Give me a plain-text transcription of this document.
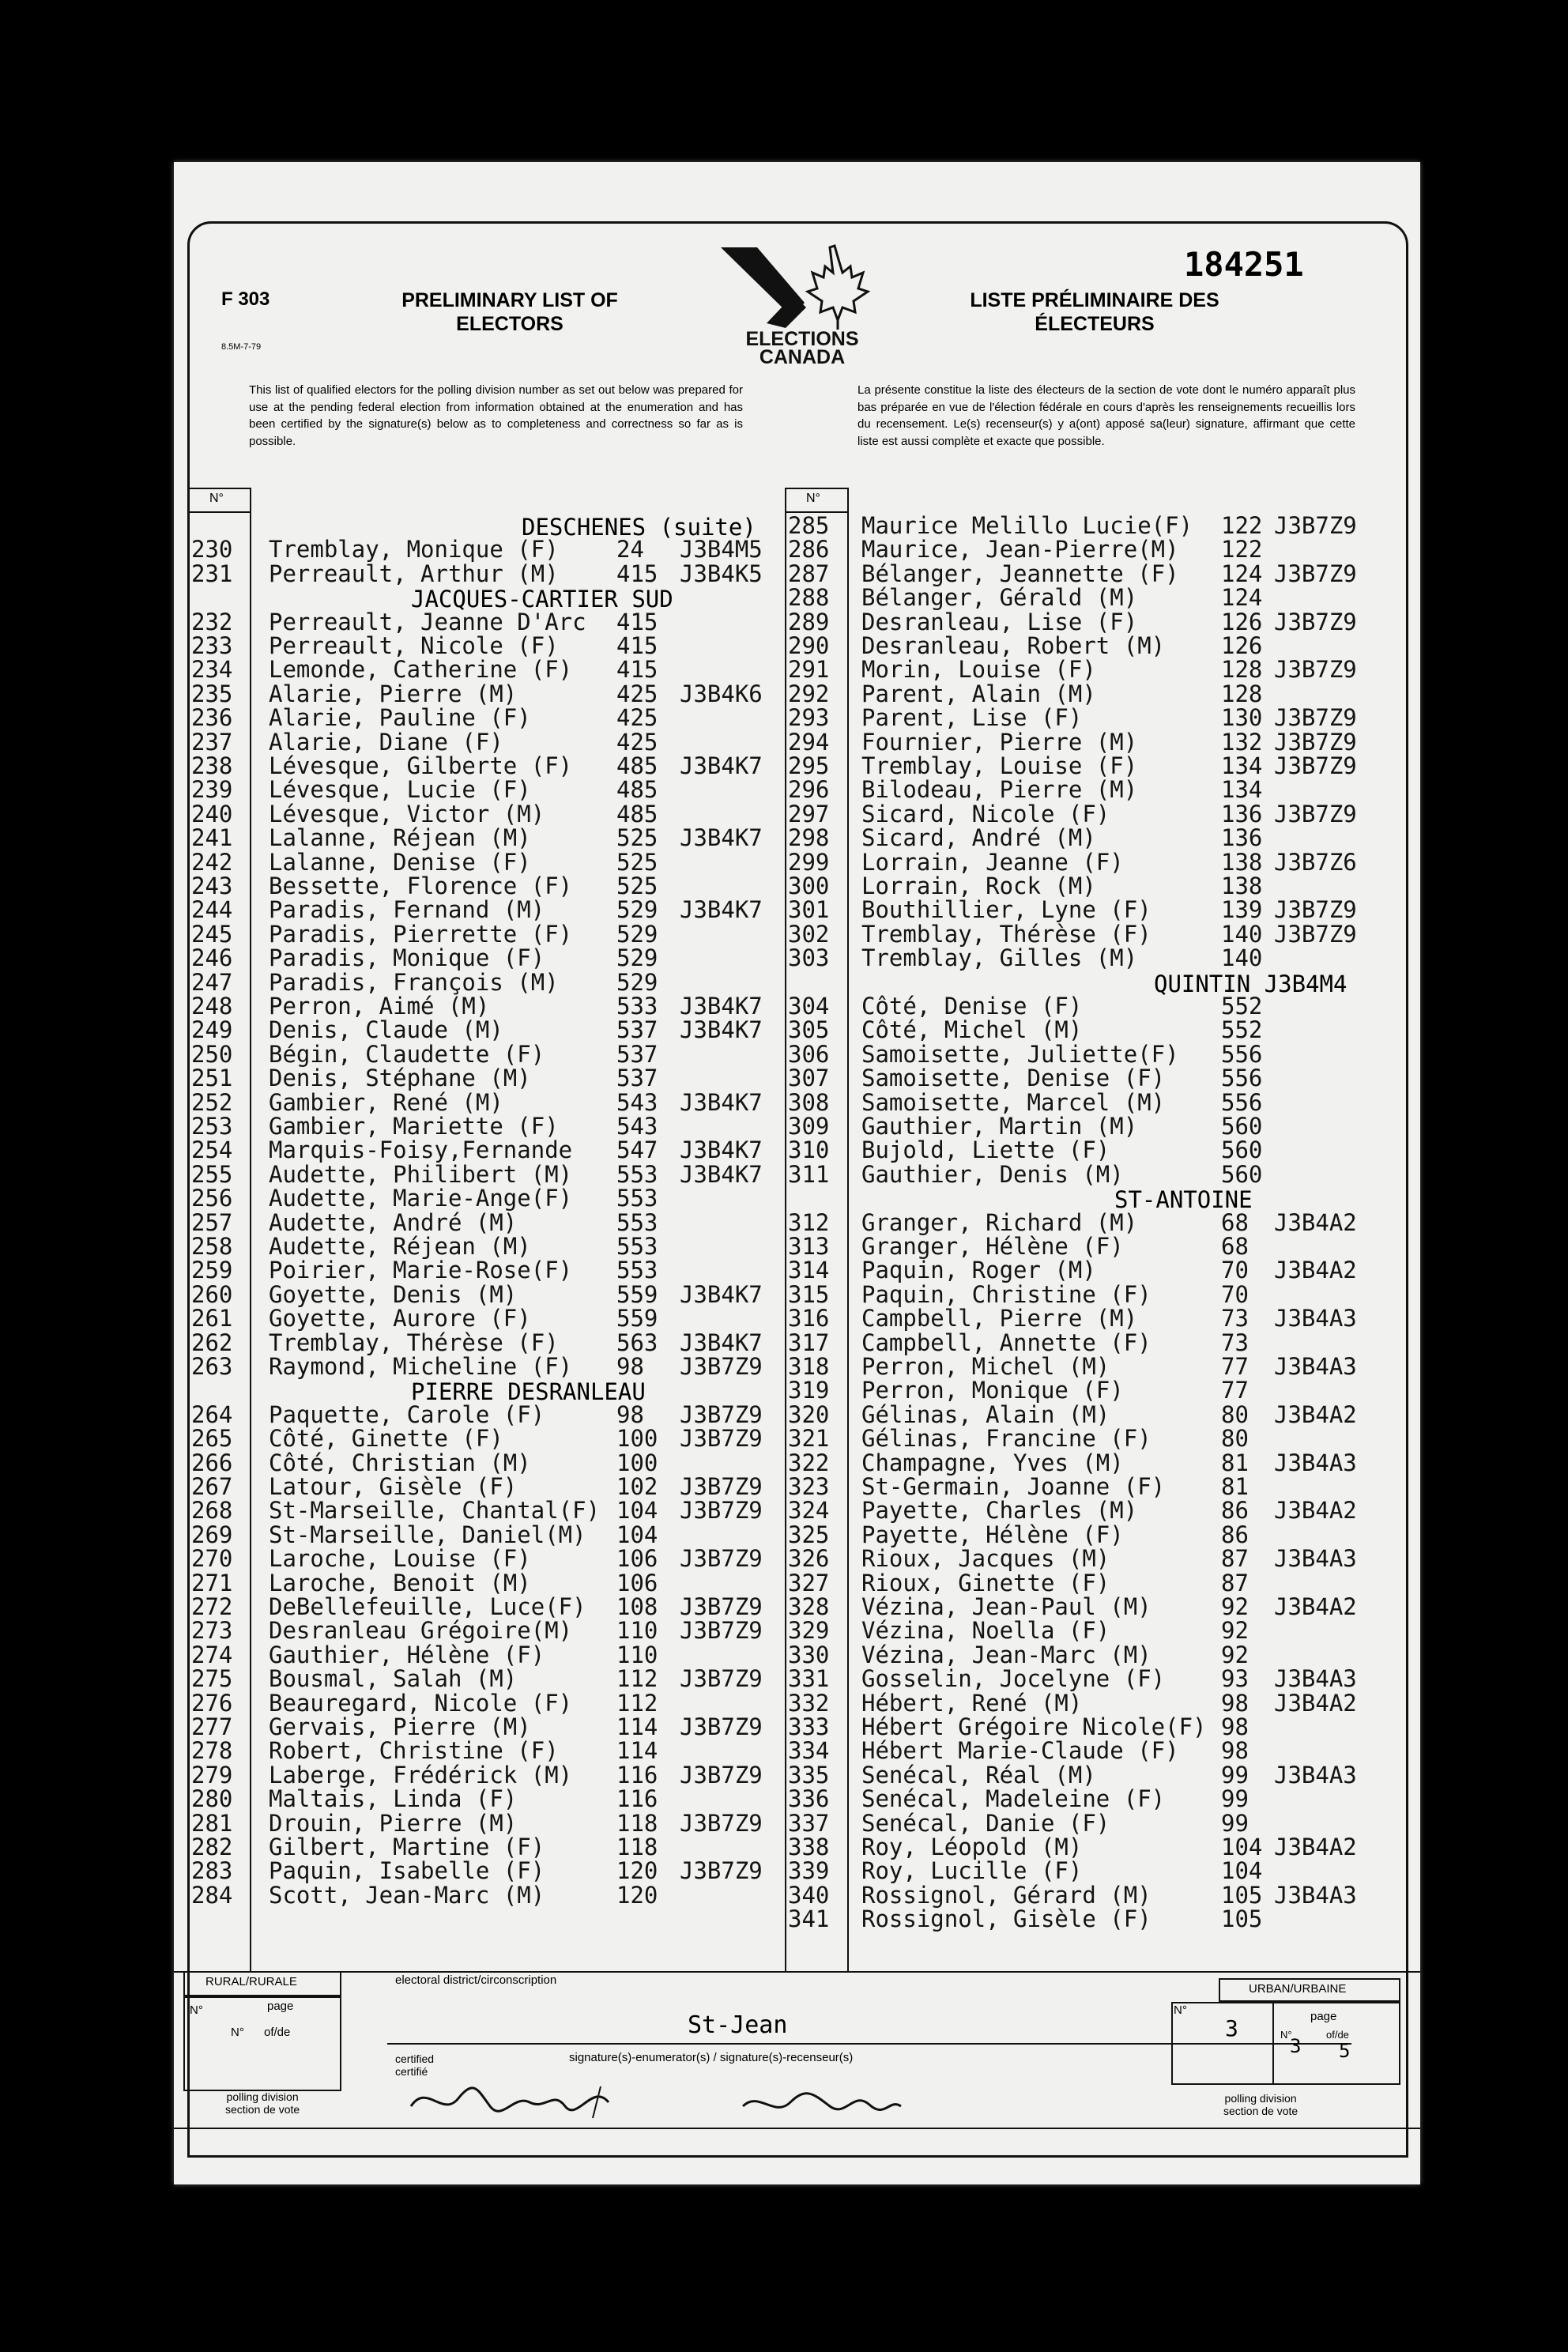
F 303
8.5M-7-79
184251
PRELIMINARY LIST OF
ELECTORS
LISTE PRÉLIMINAIRE DES
ÉLECTEURS
ELECTIONS
CANADA
This list of qualified electors for the polling division number as set out below was prepared for use at the pending federal election from information obtained at the enumeration and has been certified by the signature(s) below as to completeness and correctness so far as is possible.
La présente constitue la liste des électeurs de la section de vote dont le numéro apparaît plus bas préparée en vue de l'élection fédérale en cours d'après les renseignements recueillis lors du recensement. Le(s) recenseur(s) y a(ont) apposé sa(leur) signature, affirmant que cette liste est aussi complète et exacte que possible.
N°	N°
DESCHENES (suite)
230 Tremblay, Monique (F)	24 J3B4M5
231 Perreault, Arthur (M)	415 J3B4K5
JACQUES-CARTIER SUD
232 Perreault, Jeanne D'Arc 415
233 Perreault, Nicole (F)	415
234 Lemonde, Catherine (F) 415
235 Alarie, Pierre (M)	425 J3B4K6
236 Alarie, Pauline (F)	425
237 Alarie, Diane (F)	425
238 Lévesque, Gilberte (F) 485 J3B4K7
239 Lévesque, Lucie (F)	485
240 Lévesque, Victor (M)	485
241 Lalanne, Réjean (M)	525 J3B4K7
242 Lalanne, Denise (F)	525
243 Bessette, Florence (F) 525
244 Paradis, Fernand (M)	529 J3B4K7
245 Paradis, Pierrette (F) 529
246 Paradis, Monique (F)	529
247 Paradis, François (M)	529
248 Perron, Aimé (M)	533 J3B4K7
249 Denis, Claude (M)	537 J3B4K7
250 Bégin, Claudette (F)	537
251 Denis, Stéphane (M)	537
252 Gambier, René (M)	543 J3B4K7
253 Gambier, Mariette (F)	543
254 Marquis-Foisy,Fernande 547 J3B4K7
255 Audette, Philibert (M) 553 J3B4K7
256 Audette, Marie-Ange(F) 553
257 Audette, André (M)	553
258 Audette, Réjean (M)	553
259 Poirier, Marie-Rose(F) 553
260 Goyette, Denis (M)	559 J3B4K7
261 Goyette, Aurore (F)	559
262 Tremblay, Thérèse (F)	563 J3B4K7
263 Raymond, Micheline (F) 98 J3B7Z9
PIERRE DESRANLEAU
264 Paquette, Carole (F)	98 J3B7Z9
265 Côté, Ginette (F)	100 J3B7Z9
266 Côté, Christian (M)	100
267 Latour, Gisèle (F)	102 J3B7Z9
268 St-Marseille, Chantal(F) 104 J3B7Z9
269 St-Marseille, Daniel(M) 104
270 Laroche, Louise (F)	106 J3B7Z9
271 Laroche, Benoit (M)	106
272 DeBellefeuille, Luce(F) 108 J3B7Z9
273 Desranleau Grégoire(M) 110 J3B7Z9
274 Gauthier, Hélène (F)	110
275 Bousmal, Salah (M)	112 J3B7Z9
276 Beauregard, Nicole (F) 112
277 Gervais, Pierre (M)	114 J3B7Z9
278 Robert, Christine (F)	114
279 Laberge, Frédérick (M) 116 J3B7Z9
280 Maltais, Linda (F)	116
281 Drouin, Pierre (M)	118 J3B7Z9
282 Gilbert, Martine (F)	118
283 Paquin, Isabelle (F)	120 J3B7Z9
284 Scott, Jean-Marc (M)	120
285 Maurice Melillo Lucie(F) 122 J3B7Z9
286 Maurice, Jean-Pierre(M) 122
287 Bélanger, Jeannette (F) 124 J3B7Z9
288 Bélanger, Gérald (M)	124
289 Desranleau, Lise (F)	126 J3B7Z9
290 Desranleau, Robert (M) 126
291 Morin, Louise (F)	128 J3B7Z9
292 Parent, Alain (M)	128
293 Parent, Lise (F)	130 J3B7Z9
294 Fournier, Pierre (M)	132 J3B7Z9
295 Tremblay, Louise (F)	134 J3B7Z9
296 Bilodeau, Pierre (M)	134
297 Sicard, Nicole (F)	136 J3B7Z9
298 Sicard, André (M)	136
299 Lorrain, Jeanne (F)	138 J3B7Z6
300 Lorrain, Rock (M)	138
301 Bouthillier, Lyne (F)	139 J3B7Z9
302 Tremblay, Thérèse (F)	140 J3B7Z9
303 Tremblay, Gilles (M)	140
QUINTIN J3B4M4
304 Côté, Denise (F)	552
305 Côté, Michel (M)	552
306 Samoisette, Juliette(F) 556
307 Samoisette, Denise (F) 556
308 Samoisette, Marcel (M) 556
309 Gauthier, Martin (M)	560
310 Bujold, Liette (F)	560
311 Gauthier, Denis (M)	560
ST-ANTOINE
312 Granger, Richard (M)	68 J3B4A2
313 Granger, Hélène (F)	68
314 Paquin, Roger (M)	70 J3B4A2
315 Paquin, Christine (F)	70
316 Campbell, Pierre (M)	73 J3B4A3
317 Campbell, Annette (F)	73
318 Perron, Michel (M)	77 J3B4A3
319 Perron, Monique (F)	77
320 Gélinas, Alain (M)	80 J3B4A2
321 Gélinas, Francine (F)	80
322 Champagne, Yves (M)	81 J3B4A3
323 St-Germain, Joanne (F) 81
324 Payette, Charles (M)	86 J3B4A2
325 Payette, Hélène (F)	86
326 Rioux, Jacques (M)	87 J3B4A3
327 Rioux, Ginette (F)	87
328 Vézina, Jean-Paul (M)	92 J3B4A2
329 Vézina, Noella (F)	92
330 Vézina, Jean-Marc (M)	92
331 Gosselin, Jocelyne (F) 93 J3B4A3
332 Hébert, René (M)	98 J3B4A2
333 Hébert Grégoire Nicole(F) 98
334 Hébert Marie-Claude (F) 98
335 Senécal, Réal (M)	99 J3B4A3
336 Senécal, Madeleine (F) 99
337 Senécal, Danie (F)	99
338 Roy, Léopold (M)	104 J3B4A2
339 Roy, Lucille (F)	104
340 Rossignol, Gérard (M)	105 J3B4A3
341 Rossignol, Gisèle (F)	105
RURAL/RURALE
N°	page
N° of/de
polling division
section de vote
electoral district/circonscription
St-Jean
certified
certifié
signature(s)-enumerator(s) / signature(s)-recenseur(s)
URBAN/URBAINE
N°
3	page
N°
3
of/de
5
polling division
section de vote
